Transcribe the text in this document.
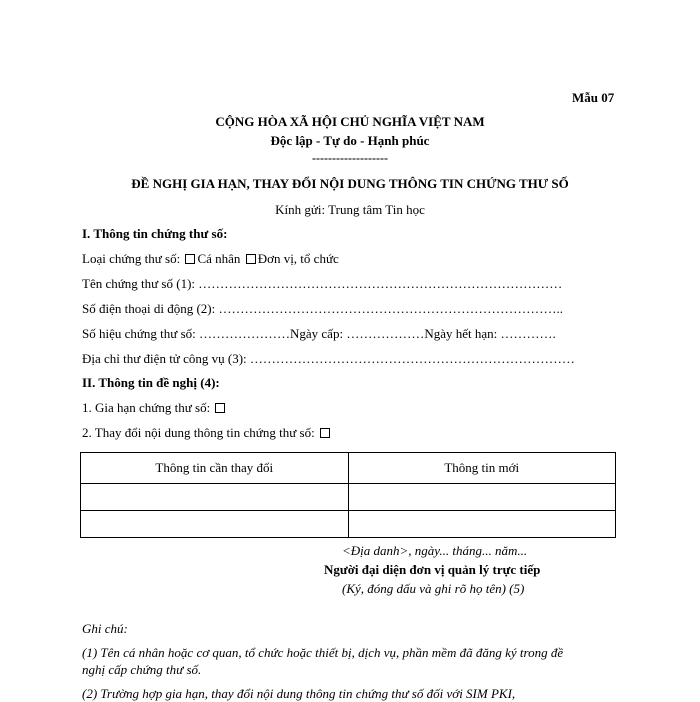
Mẫu 07
CỘNG HÒA XÃ HỘI CHỦ NGHĨA VIỆT NAM
Độc lập - Tự do - Hạnh phúc
-------------------
ĐỀ NGHỊ GIA HẠN, THAY ĐỔI NỘI DUNG THÔNG TIN CHỨNG THƯ SỐ
Kính gửi: Trung tâm Tin học
I. Thông tin chứng thư số:
Loại chứng thư số: Cá nhân Đơn vị, tổ chức
Tên chứng thư số (1): …………………………………………………………………………
Số điện thoại di động (2): ……………………………………………………………………..
Số hiệu chứng thư số: …………………Ngày cấp: ………………Ngày hết hạn: ………….
Địa chỉ thư điện tử công vụ (3): …………………………………………………………………
II. Thông tin đề nghị (4):
1. Gia hạn chứng thư số:
2. Thay đổi nội dung thông tin chứng thư số:
Thông tin cần thay đổi	Thông tin mới

<Địa danh>, ngày... tháng... năm...
Người đại diện đơn vị quản lý trực tiếp
(Ký, đóng dấu và ghi rõ họ tên) (5)
Ghi chú:
(1) Tên cá nhân hoặc cơ quan, tổ chức hoặc thiết bị, dịch vụ, phần mềm đã đăng ký trong đề
nghị cấp chứng thư số.
(2) Trường hợp gia hạn, thay đổi nội dung thông tin chứng thư số đối với SIM PKI,
